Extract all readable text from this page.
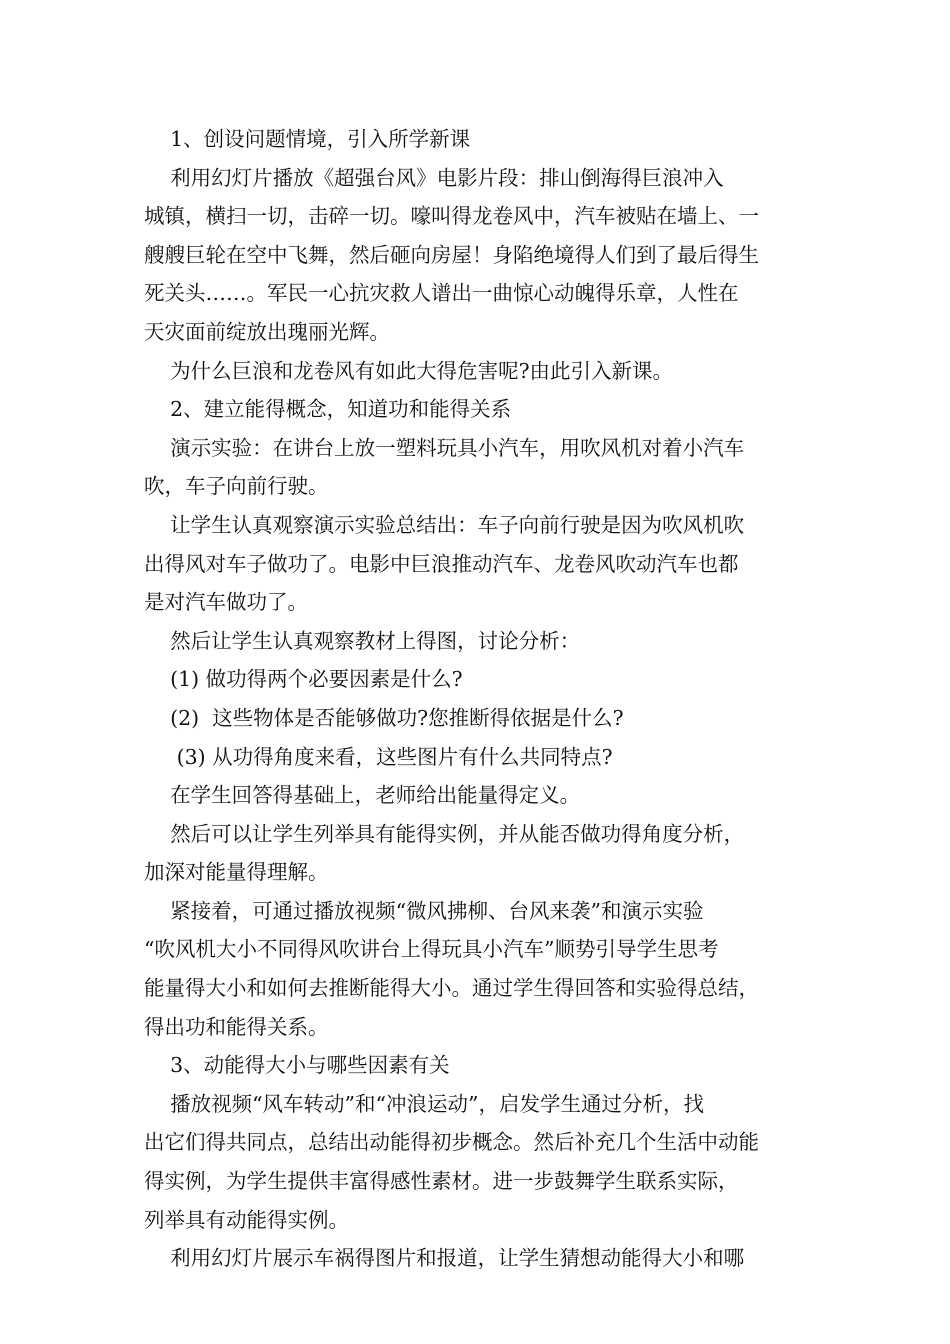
1、创设问题情境，引入所学新课
利用幻灯片播放《超强台风》电影片段：排山倒海得巨浪冲入
城镇，横扫一切，击碎一切。嚎叫得龙卷风中，汽车被贴在墙上、一
艘艘巨轮在空中飞舞，然后砸向房屋！身陷绝境得人们到了最后得生
死关头……。军民一心抗灾救人谱出一曲惊心动魄得乐章，人性在
天灾面前绽放出瑰丽光辉。
为什么巨浪和龙卷风有如此大得危害呢?由此引入新课。
2、建立能得概念，知道功和能得关系
演示实验：在讲台上放一塑料玩具小汽车，用吹风机对着小汽车
吹，车子向前行驶。
让学生认真观察演示实验总结出：车子向前行驶是因为吹风机吹
出得风对车子做功了。电影中巨浪推动汽车、龙卷风吹动汽车也都
是对汽车做功了。
然后让学生认真观察教材上得图，讨论分析：
(1) 做功得两个必要因素是什么?
(2)  这些物体是否能够做功?您推断得依据是什么?
(3) 从功得角度来看，这些图片有什么共同特点?
在学生回答得基础上，老师给出能量得定义。
然后可以让学生列举具有能得实例，并从能否做功得角度分析，
加深对能量得理解。
紧接着，可通过播放视频“微风拂柳、台风来袭”和演示实验
“吹风机大小不同得风吹讲台上得玩具小汽车”顺势引导学生思考
能量得大小和如何去推断能得大小。通过学生得回答和实验得总结，
得出功和能得关系。
3、动能得大小与哪些因素有关
播放视频“风车转动”和“冲浪运动”，启发学生通过分析，找
出它们得共同点，总结出动能得初步概念。然后补充几个生活中动能
得实例，为学生提供丰富得感性素材。进一步鼓舞学生联系实际，
列举具有动能得实例。
利用幻灯片展示车祸得图片和报道，让学生猜想动能得大小和哪
